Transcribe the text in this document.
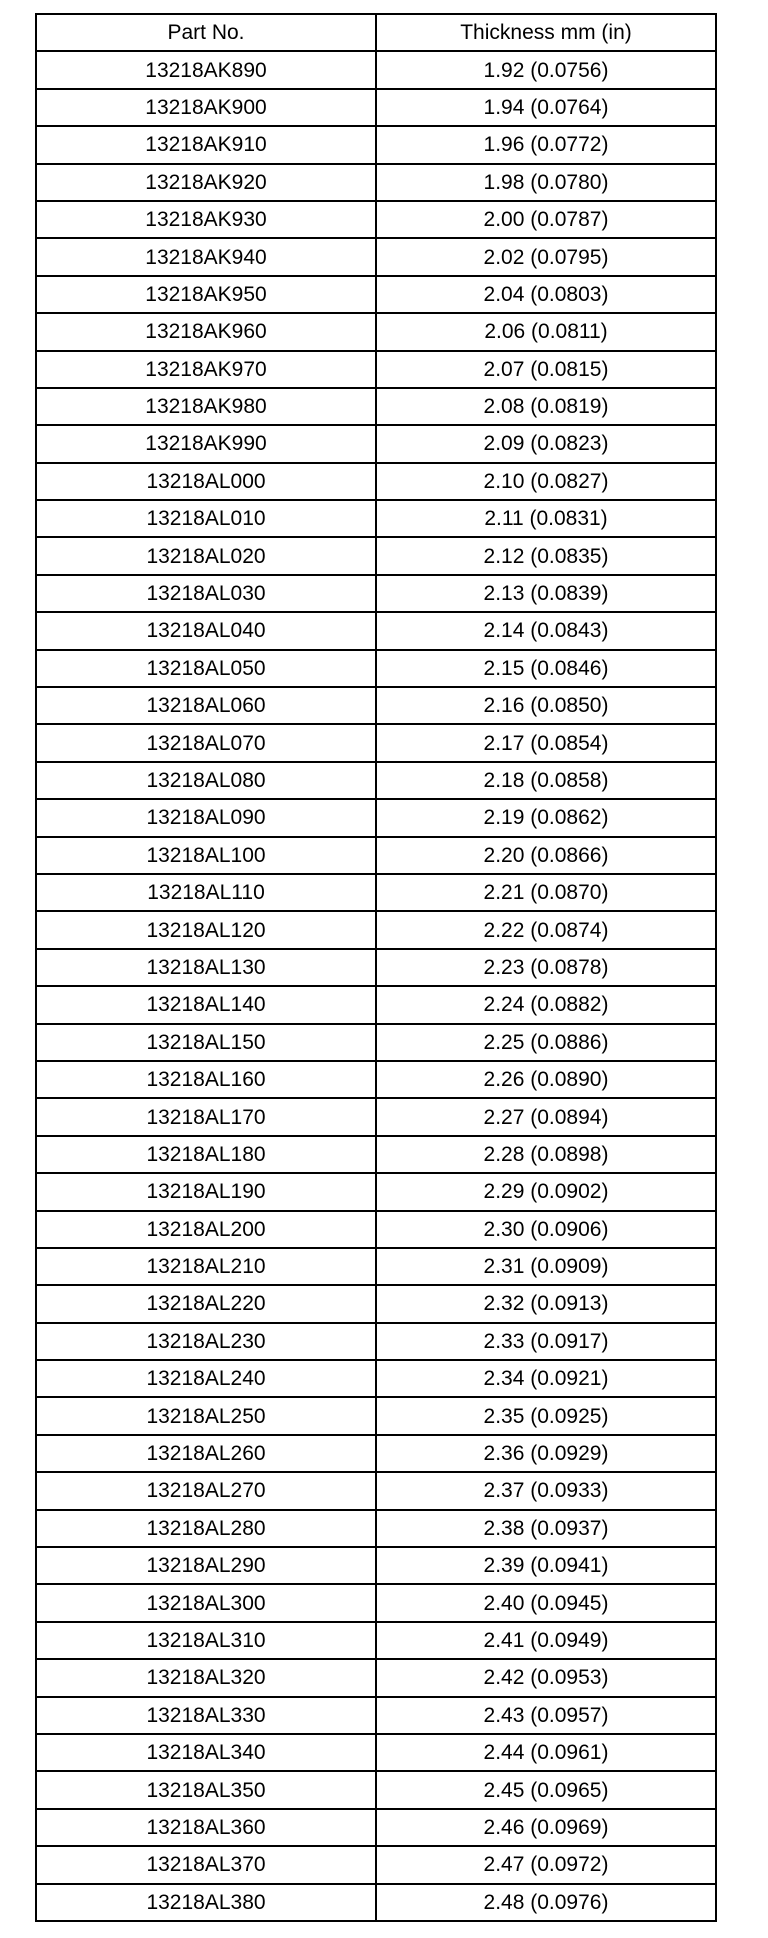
Part No.	Thickness mm (in)
13218AK890	1.92 (0.0756)
13218AK900	1.94 (0.0764)
13218AK910	1.96 (0.0772)
13218AK920	1.98 (0.0780)
13218AK930	2.00 (0.0787)
13218AK940	2.02 (0.0795)
13218AK950	2.04 (0.0803)
13218AK960	2.06 (0.0811)
13218AK970	2.07 (0.0815)
13218AK980	2.08 (0.0819)
13218AK990	2.09 (0.0823)
13218AL000	2.10 (0.0827)
13218AL010	2.11 (0.0831)
13218AL020	2.12 (0.0835)
13218AL030	2.13 (0.0839)
13218AL040	2.14 (0.0843)
13218AL050	2.15 (0.0846)
13218AL060	2.16 (0.0850)
13218AL070	2.17 (0.0854)
13218AL080	2.18 (0.0858)
13218AL090	2.19 (0.0862)
13218AL100	2.20 (0.0866)
13218AL110	2.21 (0.0870)
13218AL120	2.22 (0.0874)
13218AL130	2.23 (0.0878)
13218AL140	2.24 (0.0882)
13218AL150	2.25 (0.0886)
13218AL160	2.26 (0.0890)
13218AL170	2.27 (0.0894)
13218AL180	2.28 (0.0898)
13218AL190	2.29 (0.0902)
13218AL200	2.30 (0.0906)
13218AL210	2.31 (0.0909)
13218AL220	2.32 (0.0913)
13218AL230	2.33 (0.0917)
13218AL240	2.34 (0.0921)
13218AL250	2.35 (0.0925)
13218AL260	2.36 (0.0929)
13218AL270	2.37 (0.0933)
13218AL280	2.38 (0.0937)
13218AL290	2.39 (0.0941)
13218AL300	2.40 (0.0945)
13218AL310	2.41 (0.0949)
13218AL320	2.42 (0.0953)
13218AL330	2.43 (0.0957)
13218AL340	2.44 (0.0961)
13218AL350	2.45 (0.0965)
13218AL360	2.46 (0.0969)
13218AL370	2.47 (0.0972)
13218AL380	2.48 (0.0976)
